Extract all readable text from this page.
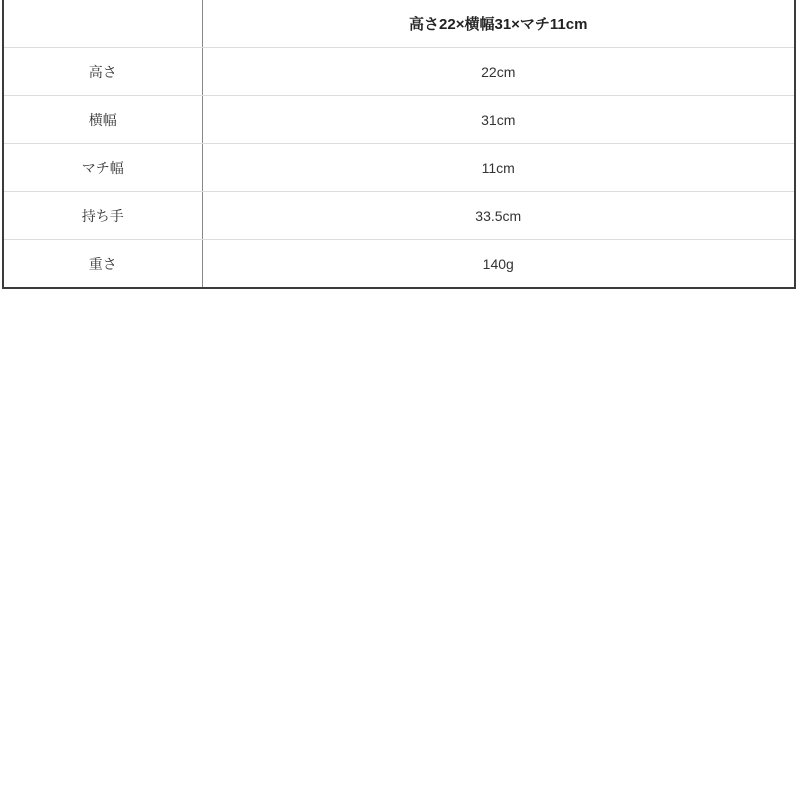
	高さ22×横幅31×マチ11cm
高さ	22cm
横幅	31cm
マチ幅	11cm
持ち手	33.5cm
重さ	140g
